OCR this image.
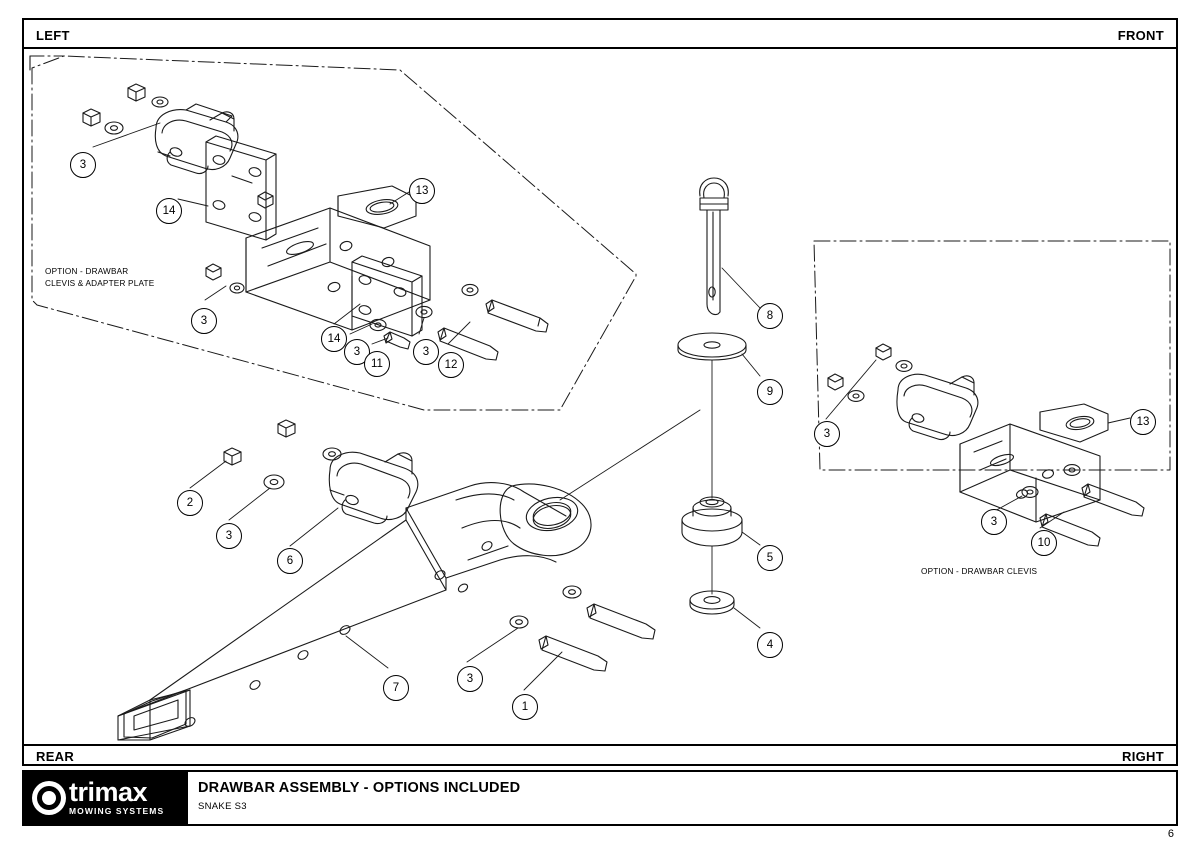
LEFT	FRONT
REAR	RIGHT
OPTION - DRAWBAR
CLEVIS & ADAPTER PLATE
OPTION - DRAWBAR CLEVIS
3
14
13
3
14
3
11
3
12
8
9
3
13
3
10
5
4
2
3
6
7
3
1
trimax
MOWING SYSTEMS
DRAWBAR ASSEMBLY - OPTIONS INCLUDED
SNAKE S3
6
